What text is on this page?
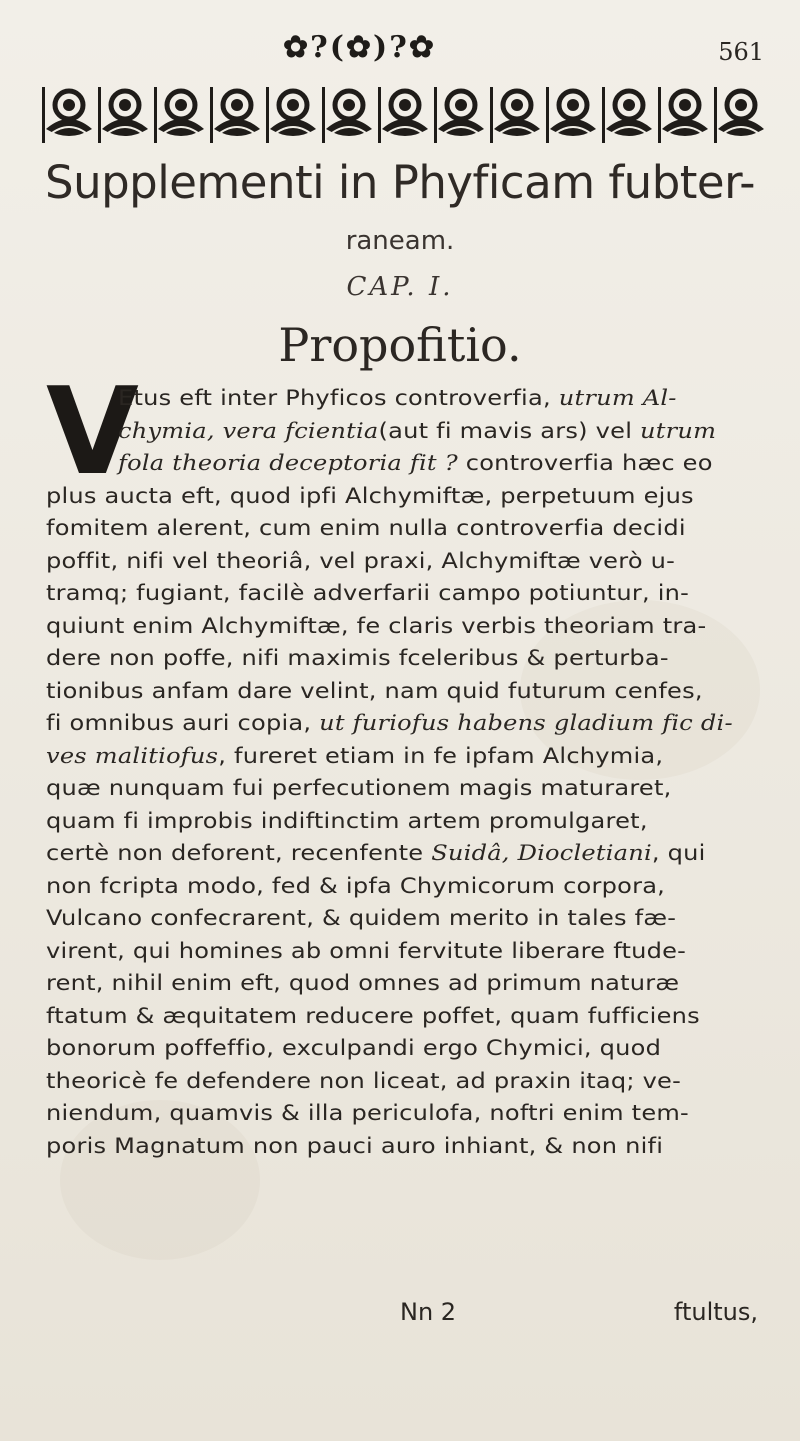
✿?(✿)?✿	561
Supplementi in Phyficam fubter-
raneam.
CAP. I.
Propofitio.
V
Etus eft inter Phyficos controverfia, utrum Al-
chymia, vera fcientia(aut fi mavis ars) vel utrum
fola theoria deceptoria fit ? controverfia hæc eo
plus aucta eft, quod ipfi Alchymiftæ, perpetuum ejus
fomitem alerent, cum enim nulla controverfia decidi
poffit, nifi vel theoriâ, vel praxi, Alchymiftæ verò u-
tramq; fugiant, facilè adverfarii campo potiuntur, in-
quiunt enim Alchymiftæ, fe claris verbis theoriam tra-
dere non poffe, nifi maximis fceleribus & perturba-
tionibus anfam dare velint, nam quid futurum cenfes,
fi omnibus auri copia, ut furiofus habens gladium fic di-
ves malitiofus, fureret etiam in fe ipfam Alchymia,
quæ nunquam fui perfecutionem magis maturaret,
quam fi improbis indiftinctim artem promulgaret,
certè non deforent, recenfente Suidâ, Diocletiani, qui
non fcripta modo, fed & ipfa Chymicorum corpora,
Vulcano confecrarent, & quidem merito in tales fæ-
virent, qui homines ab omni fervitute liberare ftude-
rent, nihil enim eft, quod omnes ad primum naturæ
ftatum & æquitatem reducere poffet, quam fufficiens
bonorum poffeffio, exculpandi ergo Chymici, quod
theoricè fe defendere non liceat, ad praxin itaq; ve-
niendum, quamvis & illa periculofa, noftri enim tem-
poris Magnatum non pauci auro inhiant, & non nifi
Nn 2	ftultus,
